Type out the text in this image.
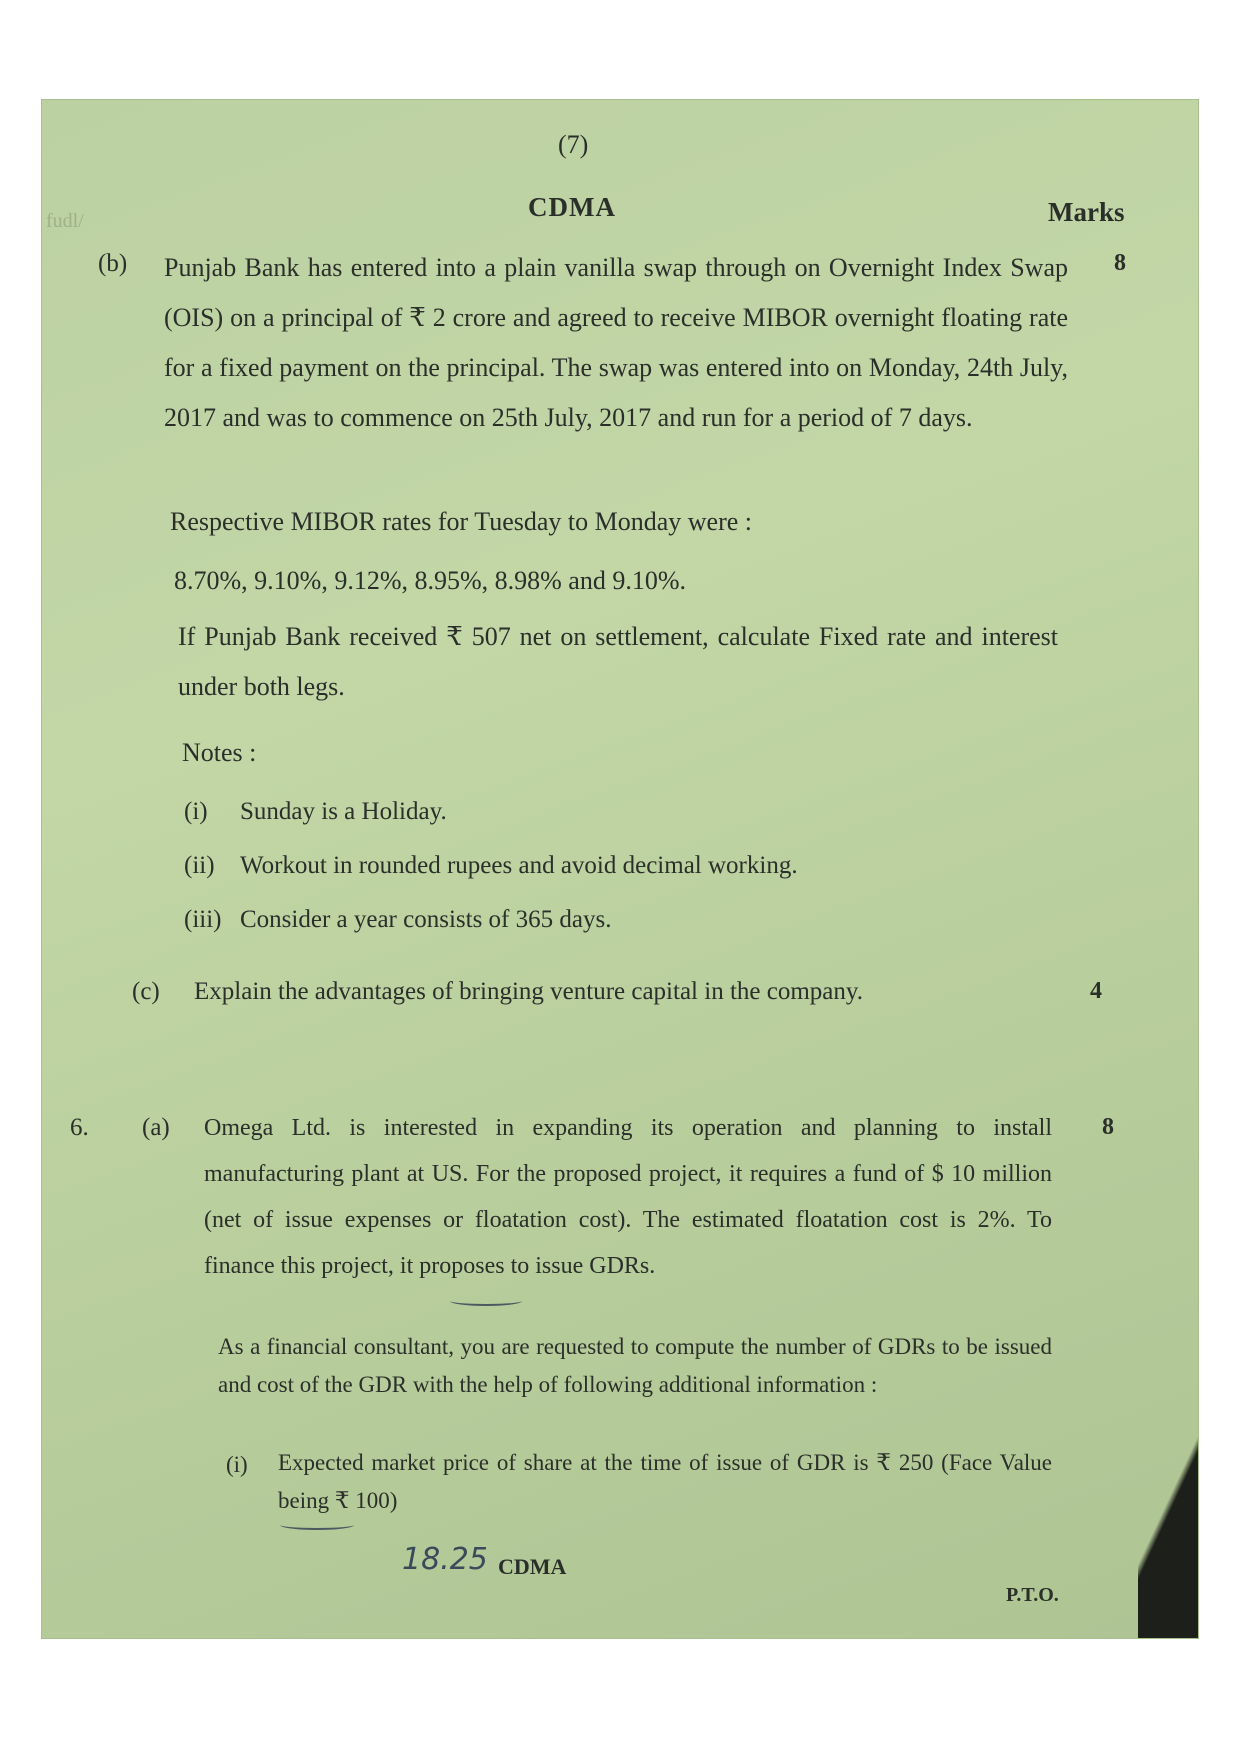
fudl/
(7)
CDMA	Marks
(b)	8
Punjab Bank has entered into a plain vanilla swap through on Overnight Index Swap (OIS) on a principal of ₹ 2 crore and agreed to receive MIBOR overnight floating rate for a fixed payment on the principal. The swap was entered into on Monday, 24th July, 2017 and was to commence on 25th July, 2017 and run for a period of 7 days.
Respective MIBOR rates for Tuesday to Monday were :
8.70%, 9.10%, 9.12%, 8.95%, 8.98% and 9.10%.
If Punjab Bank received ₹ 507 net on settlement, calculate Fixed rate and interest under both legs.
Notes :
(i) Sunday is a Holiday.
(ii) Workout in rounded rupees and avoid decimal working.
(iii) Consider a year consists of 365 days.
(c) Explain the advantages of bringing venture capital in the company.	4
6. (a)	8
Omega Ltd. is interested in expanding its operation and planning to install manufacturing plant at US. For the proposed project, it requires a fund of $ 10 million (net of issue expenses or floatation cost). The estimated floatation cost is 2%. To finance this project, it proposes to issue GDRs.
As a financial consultant, you are requested to compute the number of GDRs to be issued and cost of the GDR with the help of following additional information :
(i) Expected market price of share at the time of issue of GDR is ₹ 250 (Face Value being ₹ 100)
18.25 CDMA
P.T.O.
